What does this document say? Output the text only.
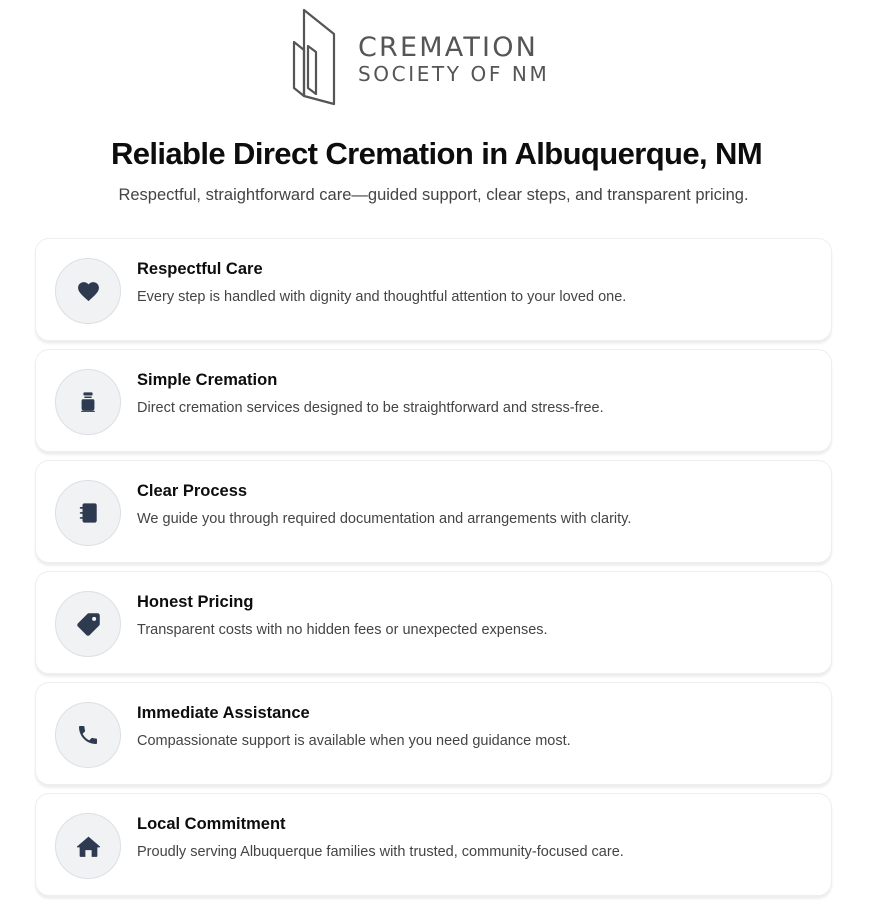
CREMATION
SOCIETY OF NM
Reliable Direct Cremation in Albuquerque, NM

Respectful, straightforward care—guided support, clear steps, and transparent pricing.

Respectful Care
Every step is handled with dignity and thoughtful attention to your loved one.
Simple Cremation
Direct cremation services designed to be straightforward and stress-free.
Clear Process
We guide you through required documentation and arrangements with clarity.
Honest Pricing
Transparent costs with no hidden fees or unexpected expenses.
Immediate Assistance
Compassionate support is available when you need guidance most.
Local Commitment
Proudly serving Albuquerque families with trusted, community-focused care.
